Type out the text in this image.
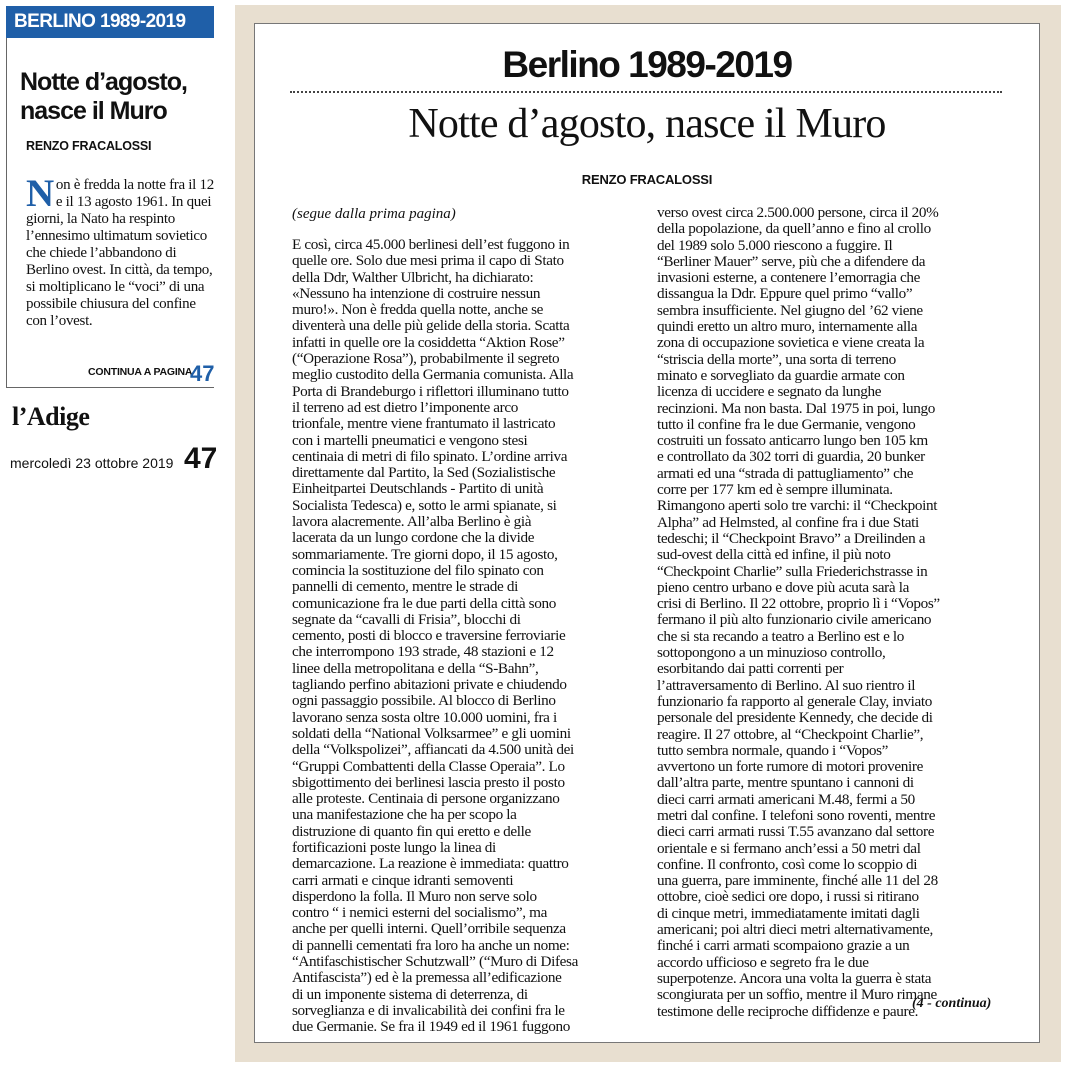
BERLINO 1989-2019
Notte d’agosto,
nasce il Muro
RENZO FRACALOSSI
Non è fredda la notte fra il 12 e il 13 agosto 1961. In quei giorni, la Nato ha respinto l’ennesimo ultimatum sovietico che chiede l’abbandono di Berlino ovest. In città, da tempo, si moltiplicano le “voci” di una possibile chiusura del confine con l’ovest.
CONTINUA A PAGINA
47
l’Adige
mercoledì 23 ottobre 2019 47
Berlino 1989-2019
Notte d’agosto, nasce il Muro
RENZO FRACALOSSI
(segue dalla prima pagina)
E così, circa 45.000 berlinesi dell’est fuggono in
quelle ore. Solo due mesi prima il capo di Stato
della Ddr, Walther Ulbricht, ha dichiarato:
«Nessuno ha intenzione di costruire nessun
muro!». Non è fredda quella notte, anche se
diventerà una delle più gelide della storia. Scatta
infatti in quelle ore la cosiddetta “Aktion Rose”
(“Operazione Rosa”), probabilmente il segreto
meglio custodito della Germania comunista. Alla
Porta di Brandeburgo i riflettori illuminano tutto
il terreno ad est dietro l’imponente arco
trionfale, mentre viene frantumato il lastricato
con i martelli pneumatici e vengono stesi
centinaia di metri di filo spinato. L’ordine arriva
direttamente dal Partito, la Sed (Sozialistische
Einheitpartei Deutschlands - Partito di unità
Socialista Tedesca) e, sotto le armi spianate, si
lavora alacremente. All’alba Berlino è già
lacerata da un lungo cordone che la divide
sommariamente. Tre giorni dopo, il 15 agosto,
comincia la sostituzione del filo spinato con
pannelli di cemento, mentre le strade di
comunicazione fra le due parti della città sono
segnate da “cavalli di Frisia”, blocchi di
cemento, posti di blocco e traversine ferroviarie
che interrompono 193 strade, 48 stazioni e 12
linee della metropolitana e della “S-Bahn”,
tagliando perfino abitazioni private e chiudendo
ogni passaggio possibile. Al blocco di Berlino
lavorano senza sosta oltre 10.000 uomini, fra i
soldati della “National Volksarmee” e gli uomini
della “Volkspolizei”, affiancati da 4.500 unità dei
“Gruppi Combattenti della Classe Operaia”. Lo
sbigottimento dei berlinesi lascia presto il posto
alle proteste. Centinaia di persone organizzano
una manifestazione che ha per scopo la
distruzione di quanto fin qui eretto e delle
fortificazioni poste lungo la linea di
demarcazione. La reazione è immediata: quattro
carri armati e cinque idranti semoventi
disperdono la folla. Il Muro non serve solo
contro “ i nemici esterni del socialismo”, ma
anche per quelli interni. Quell’orribile sequenza
di pannelli cementati fra loro ha anche un nome:
“Antifaschistischer Schutzwall” (“Muro di Difesa
Antifascista”) ed è la premessa all’edificazione
di un imponente sistema di deterrenza, di
sorveglianza e di invalicabilità dei confini fra le
due Germanie. Se fra il 1949 ed il 1961 fuggono
verso ovest circa 2.500.000 persone, circa il 20%
della popolazione, da quell’anno e fino al crollo
del 1989 solo 5.000 riescono a fuggire. Il
“Berliner Mauer” serve, più che a difendere da
invasioni esterne, a contenere l’emorragia che
dissangua la Ddr. Eppure quel primo “vallo”
sembra insufficiente. Nel giugno del ’62 viene
quindi eretto un altro muro, internamente alla
zona di occupazione sovietica e viene creata la
“striscia della morte”, una sorta di terreno
minato e sorvegliato da guardie armate con
licenza di uccidere e segnato da lunghe
recinzioni. Ma non basta. Dal 1975 in poi, lungo
tutto il confine fra le due Germanie, vengono
costruiti un fossato anticarro lungo ben 105 km
e controllato da 302 torri di guardia, 20 bunker
armati ed una “strada di pattugliamento” che
corre per 177 km ed è sempre illuminata.
Rimangono aperti solo tre varchi: il “Checkpoint
Alpha” ad Helmsted, al confine fra i due Stati
tedeschi; il “Checkpoint Bravo” a Dreilinden a
sud-ovest della città ed infine, il più noto
“Checkpoint Charlie” sulla Friederichstrasse in
pieno centro urbano e dove più acuta sarà la
crisi di Berlino. Il 22 ottobre, proprio lì i “Vopos”
fermano il più alto funzionario civile americano
che si sta recando a teatro a Berlino est e lo
sottopongono a un minuzioso controllo,
esorbitando dai patti correnti per
l’attraversamento di Berlino. Al suo rientro il
funzionario fa rapporto al generale Clay, inviato
personale del presidente Kennedy, che decide di
reagire. Il 27 ottobre, al “Checkpoint Charlie”,
tutto sembra normale, quando i “Vopos”
avvertono un forte rumore di motori provenire
dall’altra parte, mentre spuntano i cannoni di
dieci carri armati americani M.48, fermi a 50
metri dal confine. I telefoni sono roventi, mentre
dieci carri armati russi T.55 avanzano dal settore
orientale e si fermano anch’essi a 50 metri dal
confine. Il confronto, così come lo scoppio di
una guerra, pare imminente, finché alle 11 del 28
ottobre, cioè sedici ore dopo, i russi si ritirano
di cinque metri, immediatamente imitati dagli
americani; poi altri dieci metri alternativamente,
finché i carri armati scompaiono grazie a un
accordo ufficioso e segreto fra le due
superpotenze. Ancora una volta la guerra è stata
scongiurata per un soffio, mentre il Muro rimane
testimone delle reciproche diffidenze e paure.
(4 - continua)
